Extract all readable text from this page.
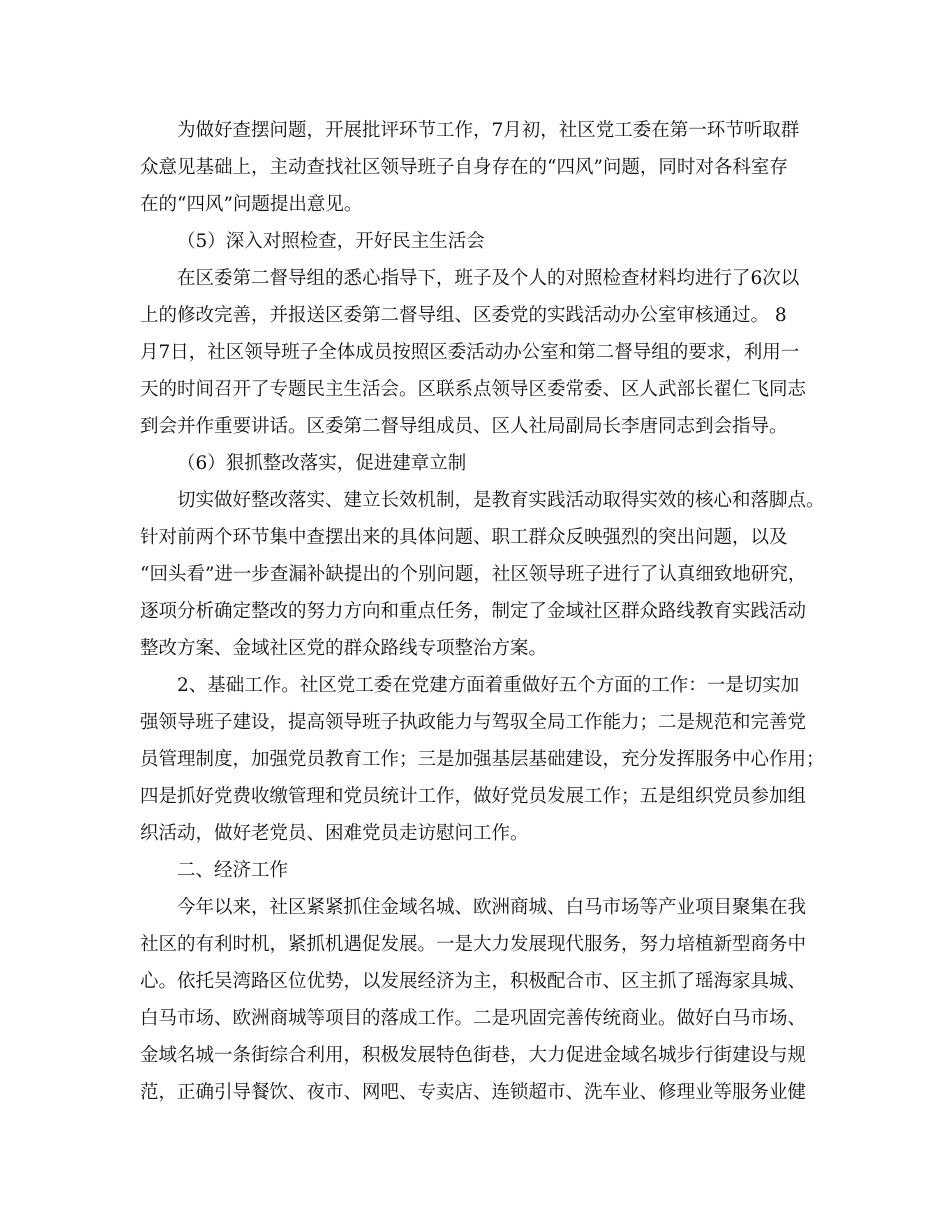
为做好查摆问题，开展批评环节工作，7月初，社区党工委在第一环节听取群
众意见基础上，主动查找社区领导班子自身存在的“四风”问题，同时对各科室存
在的“四风”问题提出意见。
（5）深入对照检查，开好民主生活会
在区委第二督导组的悉心指导下，班子及个人的对照检查材料均进行了6次以
上的修改完善，并报送区委第二督导组、区委党的实践活动办公室审核通过。 8
月7日，社区领导班子全体成员按照区委活动办公室和第二督导组的要求，利用一
天的时间召开了专题民主生活会。区联系点领导区委常委、区人武部长翟仁飞同志
到会并作重要讲话。区委第二督导组成员、区人社局副局长李唐同志到会指导。
（6）狠抓整改落实，促进建章立制
切实做好整改落实、建立长效机制，是教育实践活动取得实效的核心和落脚点。
针对前两个环节集中查摆出来的具体问题、职工群众反映强烈的突出问题，以及
“回头看”进一步查漏补缺提出的个别问题，社区领导班子进行了认真细致地研究，
逐项分析确定整改的努力方向和重点任务，制定了金域社区群众路线教育实践活动
整改方案、金域社区党的群众路线专项整治方案。
2、基础工作。社区党工委在党建方面着重做好五个方面的工作：一是切实加
强领导班子建设，提高领导班子执政能力与驾驭全局工作能力；二是规范和完善党
员管理制度，加强党员教育工作；三是加强基层基础建设，充分发挥服务中心作用；
四是抓好党费收缴管理和党员统计工作，做好党员发展工作；五是组织党员参加组
织活动，做好老党员、困难党员走访慰问工作。
二、经济工作
今年以来，社区紧紧抓住金域名城、欧洲商城、白马市场等产业项目聚集在我
社区的有利时机，紧抓机遇促发展。一是大力发展现代服务，努力培植新型商务中
心。依托吴湾路区位优势，以发展经济为主，积极配合市、区主抓了瑶海家具城、
白马市场、欧洲商城等项目的落成工作。二是巩固完善传统商业。做好白马市场、
金域名城一条街综合利用，积极发展特色街巷，大力促进金域名城步行街建设与规
范，正确引导餐饮、夜市、网吧、专卖店、连锁超市、洗车业、修理业等服务业健
